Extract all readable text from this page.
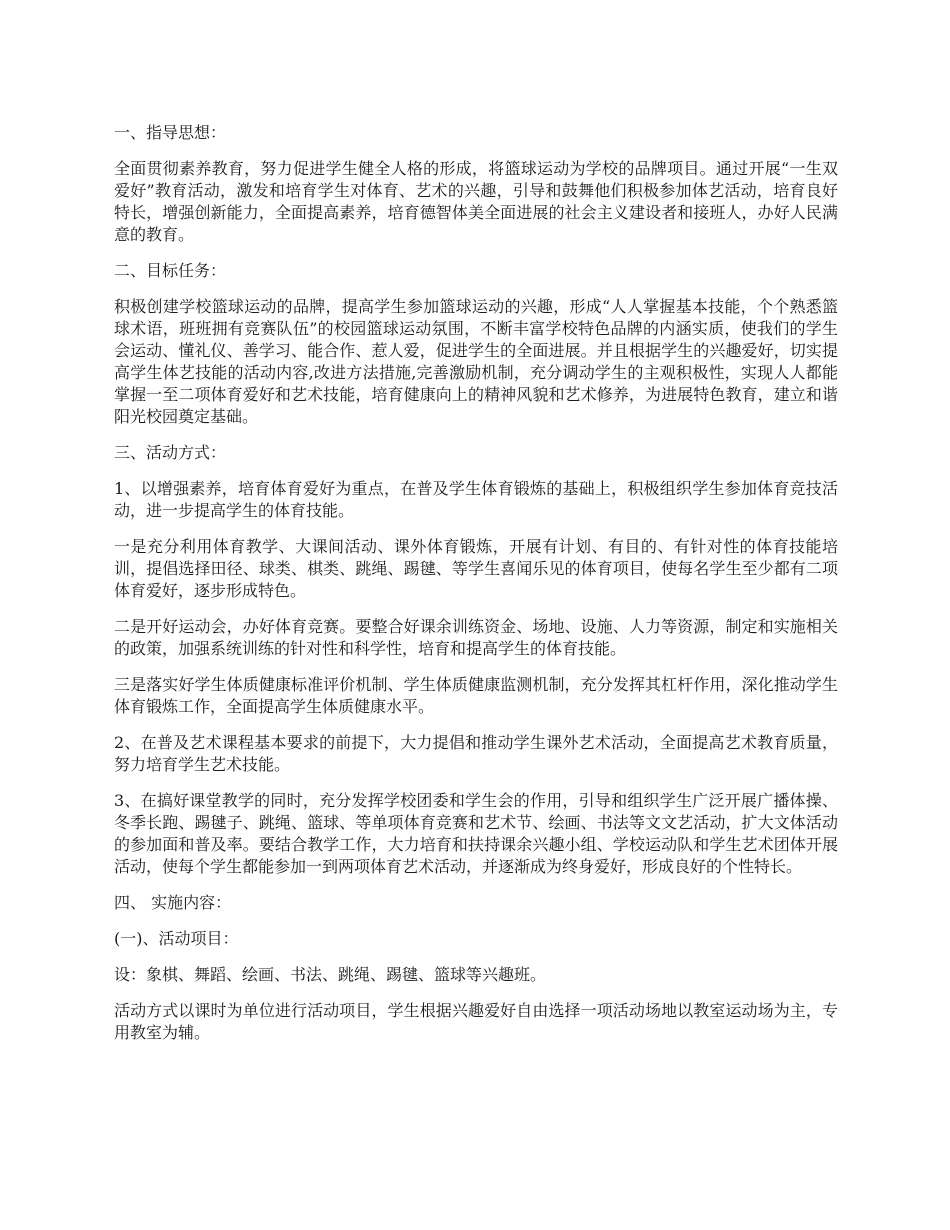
一、指导思想：

全面贯彻素养教育，努力促进学生健全人格的形成，将篮球运动为学校的品牌项目。通过开展“一生双爱好”教育活动，激发和培育学生对体育、艺术的兴趣，引导和鼓舞他们积极参加体艺活动，培育良好特长，增强创新能力，全面提高素养，培育德智体美全面进展的社会主义建设者和接班人，办好人民满意的教育。

二、目标任务：

积极创建学校篮球运动的品牌，提高学生参加篮球运动的兴趣，形成“人人掌握基本技能，个个熟悉篮球术语，班班拥有竞赛队伍”的校园篮球运动氛围，不断丰富学校特色品牌的内涵实质，使我们的学生会运动、懂礼仪、善学习、能合作、惹人爱，促进学生的全面进展。并且根据学生的兴趣爱好，切实提高学生体艺技能的活动内容,改进方法措施,完善激励机制，充分调动学生的主观积极性，实现人人都能掌握一至二项体育爱好和艺术技能，培育健康向上的精神风貌和艺术修养，为进展特色教育，建立和谐阳光校园奠定基础。

三、活动方式：

1、以增强素养，培育体育爱好为重点，在普及学生体育锻炼的基础上，积极组织学生参加体育竞技活动，进一步提高学生的体育技能。

一是充分利用体育教学、大课间活动、课外体育锻炼，开展有计划、有目的、有针对性的体育技能培训，提倡选择田径、球类、棋类、跳绳、踢毽、等学生喜闻乐见的体育项目，使每名学生至少都有二项体育爱好，逐步形成特色。

二是开好运动会，办好体育竞赛。要整合好课余训练资金、场地、设施、人力等资源，制定和实施相关的政策，加强系统训练的针对性和科学性，培育和提高学生的体育技能。

三是落实好学生体质健康标准评价机制、学生体质健康监测机制，充分发挥其杠杆作用，深化推动学生体育锻炼工作，全面提高学生体质健康水平。

2、在普及艺术课程基本要求的前提下，大力提倡和推动学生课外艺术活动，全面提高艺术教育质量，努力培育学生艺术技能。

3、在搞好课堂教学的同时，充分发挥学校团委和学生会的作用，引导和组织学生广泛开展广播体操、冬季长跑、踢毽子、跳绳、篮球、等单项体育竞赛和艺术节、绘画、书法等文文艺活动，扩大文体活动的参加面和普及率。要结合教学工作，大力培育和扶持课余兴趣小组、学校运动队和学生艺术团体开展活动，使每个学生都能参加一到两项体育艺术活动，并逐渐成为终身爱好，形成良好的个性特长。

四、 实施内容：

(一)、活动项目：

设：象棋、舞蹈、绘画、书法、跳绳、踢毽、篮球等兴趣班。

活动方式以课时为单位进行活动项目，学生根据兴趣爱好自由选择一项活动场地以教室运动场为主，专用教室为辅。
